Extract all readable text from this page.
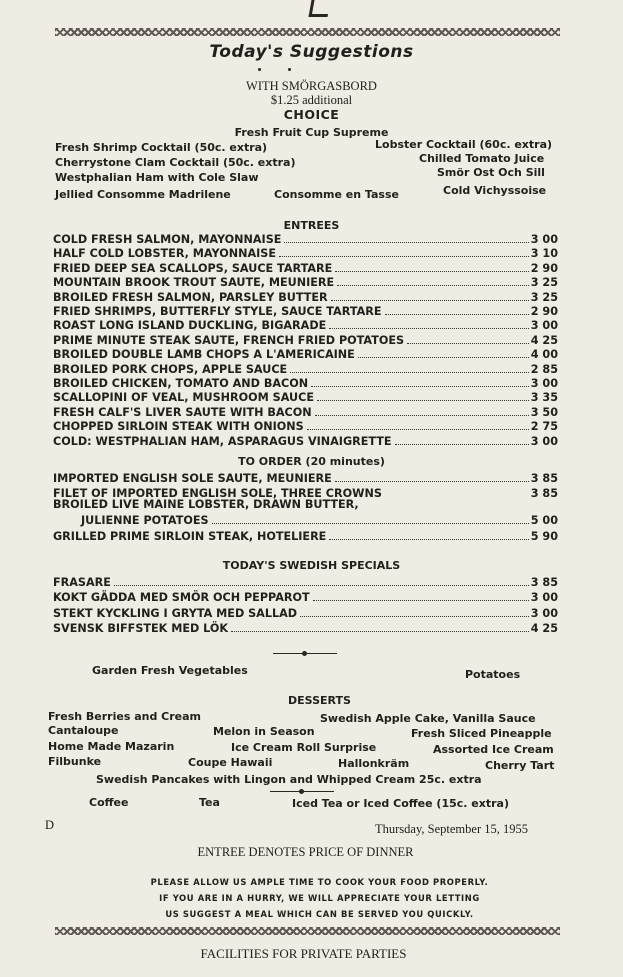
Today's Suggestions
WITH SMÖRGASBORD
$1.25 additional
CHOICE
Fresh Fruit Cup Supreme
Fresh Shrimp Cocktail (50c. extra)	Lobster Cocktail (60c. extra)
Cherrystone Clam Cocktail (50c. extra)	Chilled Tomato Juice
Westphalian Ham with Cole Slaw	Smör Ost Och Sill
Jellied Consomme Madrilene	Consomme en Tasse	Cold Vichyssoise
ENTREES
COLD FRESH SALMON, MAYONNAISE	3 00
HALF COLD LOBSTER, MAYONNAISE	3 10
FRIED DEEP SEA SCALLOPS, SAUCE TARTARE	2 90
MOUNTAIN BROOK TROUT SAUTE, MEUNIERE	3 25
BROILED FRESH SALMON, PARSLEY BUTTER	3 25
FRIED SHRIMPS, BUTTERFLY STYLE, SAUCE TARTARE	2 90
ROAST LONG ISLAND DUCKLING, BIGARADE	3 00
PRIME MINUTE STEAK SAUTE, FRENCH FRIED POTATOES	4 25
BROILED DOUBLE LAMB CHOPS A L'AMERICAINE	4 00
BROILED PORK CHOPS, APPLE SAUCE	2 85
BROILED CHICKEN, TOMATO AND BACON	3 00
SCALLOPINI OF VEAL, MUSHROOM SAUCE	3 35
FRESH CALF'S LIVER SAUTE WITH BACON	3 50
CHOPPED SIRLOIN STEAK WITH ONIONS	2 75
COLD: WESTPHALIAN HAM, ASPARAGUS VINAIGRETTE	3 00
TO ORDER (20 minutes)
IMPORTED ENGLISH SOLE SAUTE, MEUNIERE	3 85
FILET OF IMPORTED ENGLISH SOLE, THREE CROWNS	3 85
BROILED LIVE MAINE LOBSTER, DRAWN BUTTER,
JULIENNE POTATOES	5 00
GRILLED PRIME SIRLOIN STEAK, HOTELIERE	5 90
TODAY'S SWEDISH SPECIALS
FRASARE	3 85
KOKT GÄDDA MED SMÖR OCH PEPPAROT	3 00
STEKT KYCKLING I GRYTA MED SALLAD	3 00
SVENSK BIFFSTEK MED LÖK	4 25
Garden Fresh Vegetables	Potatoes
DESSERTS
Fresh Berries and Cream	Swedish Apple Cake, Vanilla Sauce
Cantaloupe	Melon in Season	Fresh Sliced Pineapple
Home Made Mazarin	Ice Cream Roll Surprise	Assorted Ice Cream
Filbunke	Coupe Hawaii	Hallonkräm	Cherry Tart
Swedish Pancakes with Lingon and Whipped Cream 25c. extra
Coffee	Tea	Iced Tea or Iced Coffee (15c. extra)
D	Thursday, September 15, 1955
ENTREE DENOTES PRICE OF DINNER
PLEASE ALLOW US AMPLE TIME TO COOK YOUR FOOD PROPERLY.
IF YOU ARE IN A HURRY, WE WILL APPRECIATE YOUR LETTING
US SUGGEST A MEAL WHICH CAN BE SERVED YOU QUICKLY.
FACILITIES FOR PRIVATE PARTIES
